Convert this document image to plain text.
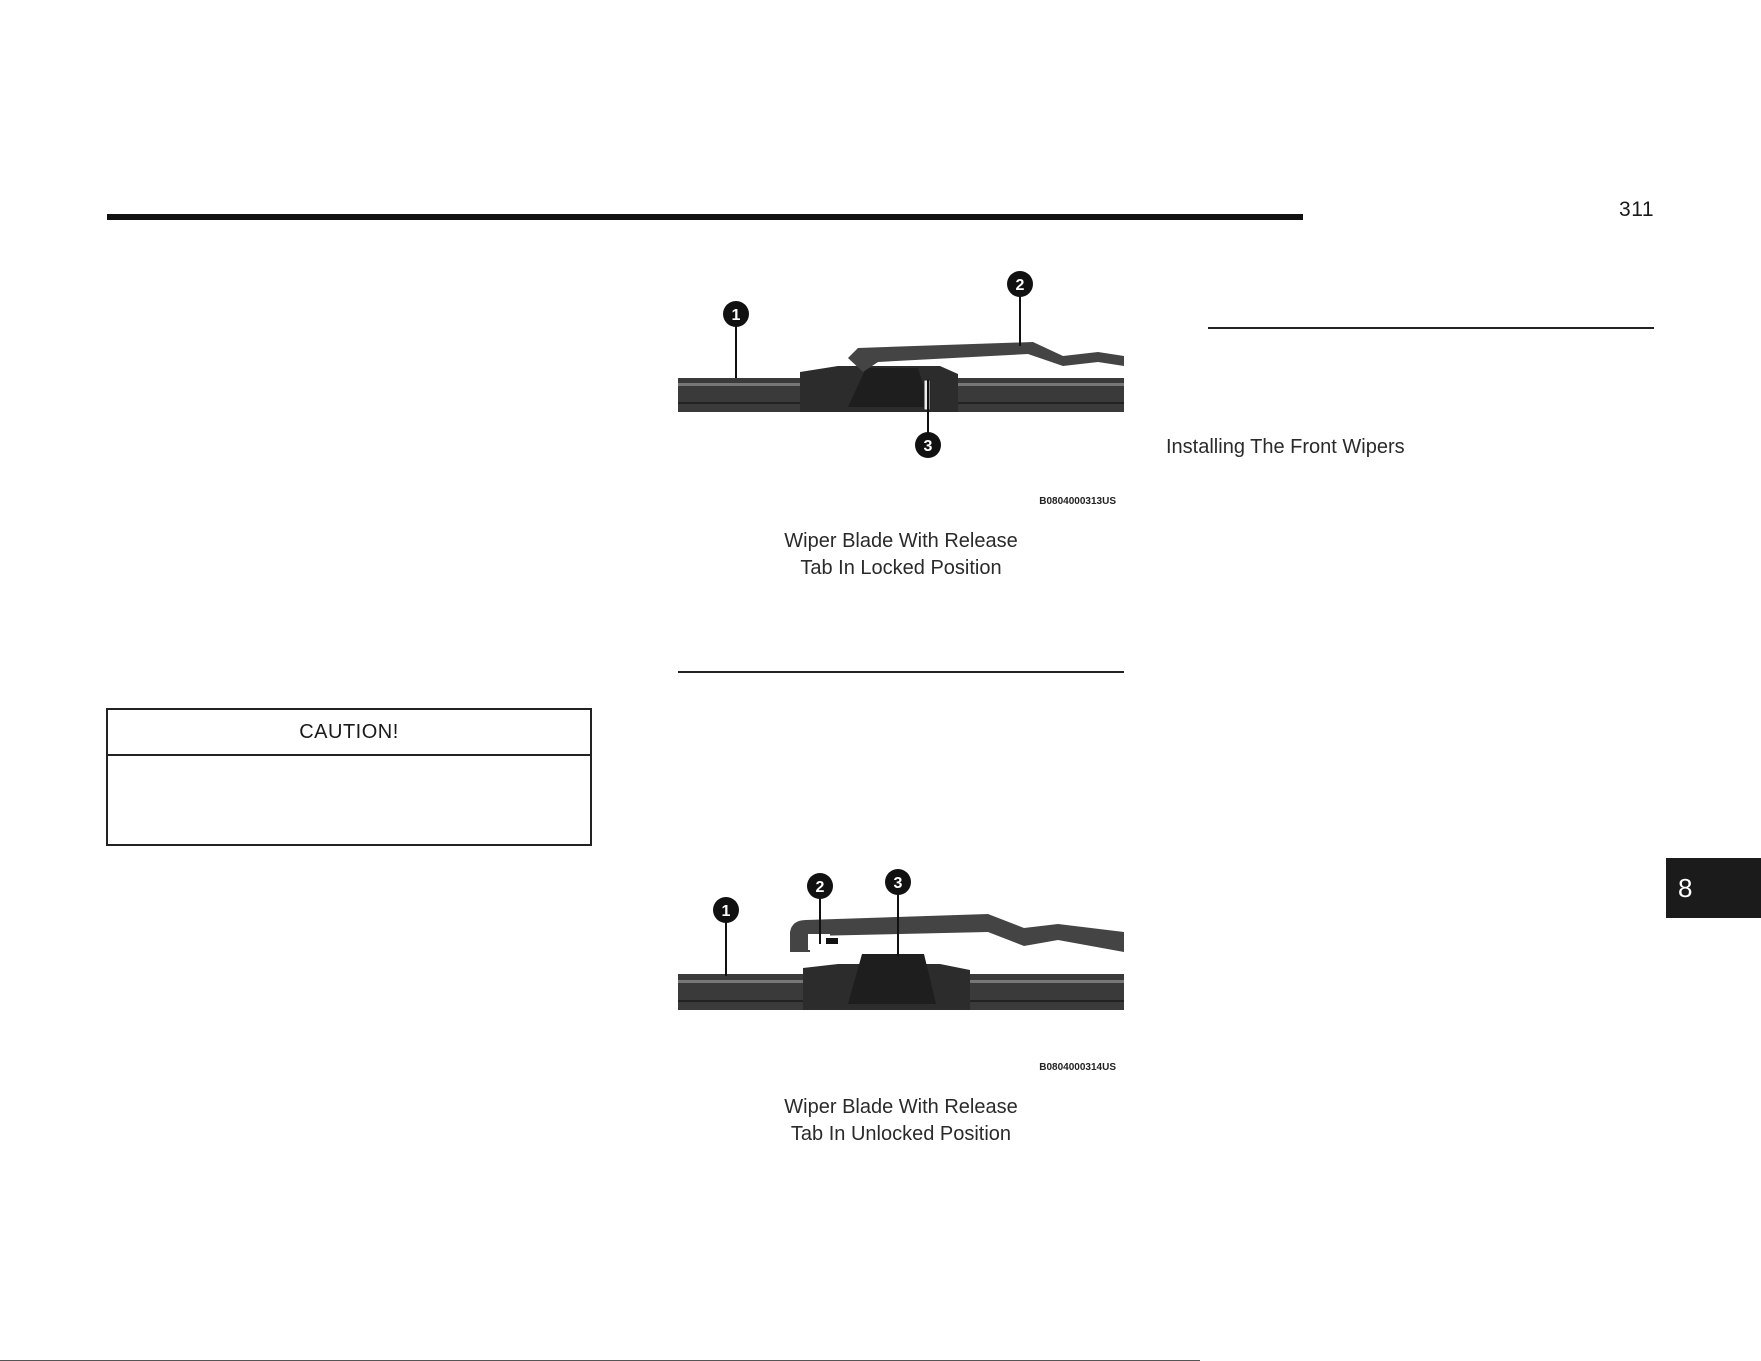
311
CAUTION!
1
2
3
B0804000313US
Wiper Blade With Release
Tab In Locked Position
1
2	3
B0804000314US
Wiper Blade With Release
Tab In Unlocked Position
Installing The Front Wipers
8
